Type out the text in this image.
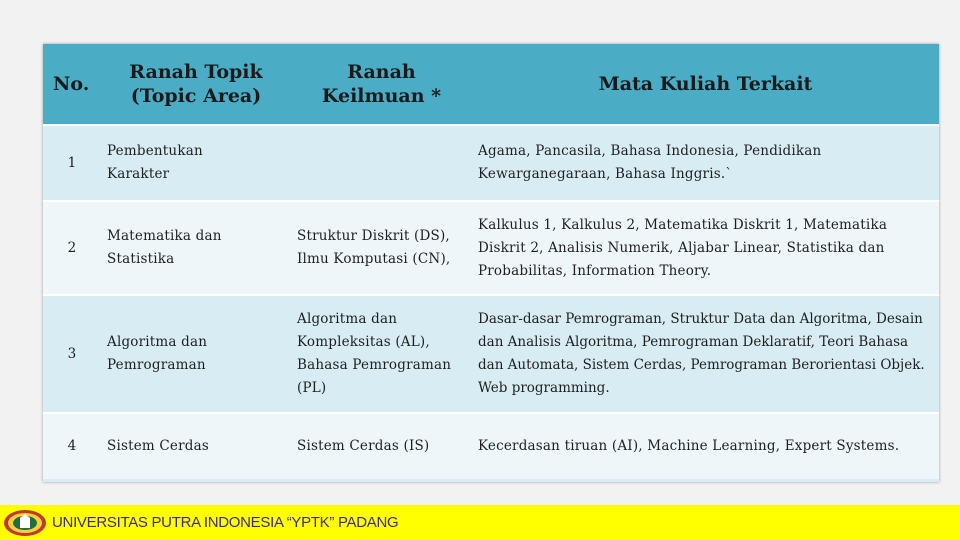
No.	Ranah Topik (Topic Area)	Ranah Keilmuan *	Mata Kuliah Terkait
1	Pembentukan Karakter		Agama, Pancasila, Bahasa Indonesia, Pendidikan Kewarganegaraan, Bahasa Inggris.`
2	Matematika dan Statistika	Struktur Diskrit (DS), Ilmu Komputasi (CN),	Kalkulus 1, Kalkulus 2, Matematika Diskrit 1, Matematika Diskrit 2, Analisis Numerik, Aljabar Linear, Statistika dan Probabilitas, Information Theory.
3	Algoritma dan Pemrograman	Algoritma dan Kompleksitas (AL), Bahasa Pemrograman (PL)	Dasar-dasar Pemrograman, Struktur Data dan Algoritma, Desain dan Analisis Algoritma, Pemrograman Deklaratif, Teori Bahasa dan Automata, Sistem Cerdas, Pemrograman Berorientasi Objek. Web programming.
4	Sistem Cerdas	Sistem Cerdas (IS)	Kecerdasan tiruan (AI), Machine Learning, Expert Systems.
UNIVERSITAS PUTRA INDONESIA “YPTK” PADANG
